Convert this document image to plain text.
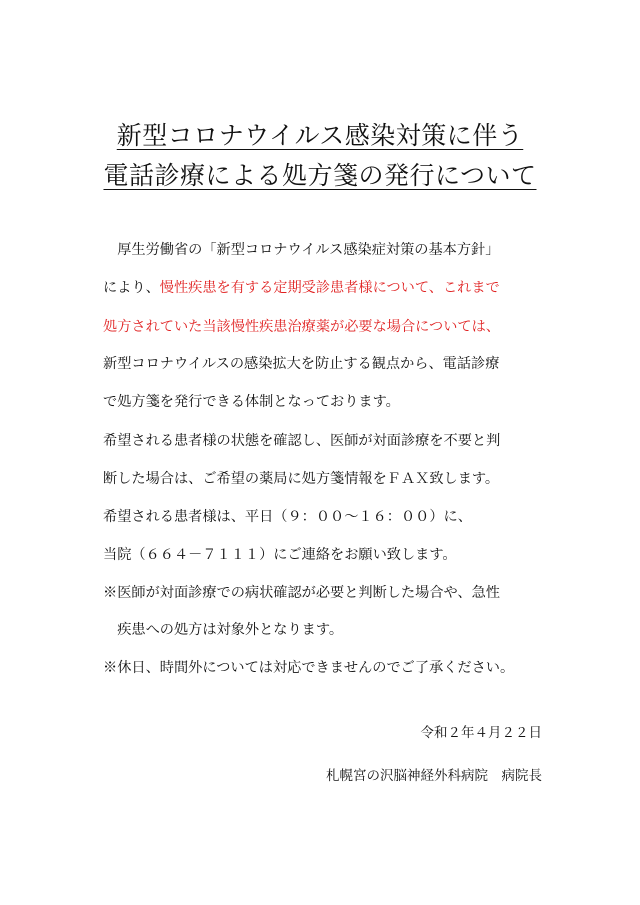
新型コロナウイルス感染対策に伴う
電話診療による処方箋の発行について
　厚生労働省の「新型コロナウイルス感染症対策の基本方針」
により、慢性疾患を有する定期受診患者様について、これまで
処方されていた当該慢性疾患治療薬が必要な場合については、
新型コロナウイルスの感染拡大を防止する観点から、電話診療
で処方箋を発行できる体制となっております。
希望される患者様の状態を確認し、医師が対面診療を不要と判
断した場合は、ご希望の薬局に処方箋情報をＦＡＸ致します。
希望される患者様は、平日（９：００～１６：００）に、
当院（６６４－７１１１）にご連絡をお願い致します。
※医師が対面診療での病状確認が必要と判断した場合や、急性
　疾患への処方は対象外となります。
※休日、時間外については対応できませんのでご了承ください。
令和２年４月２２日
札幌宮の沢脳神経外科病院　病院長
